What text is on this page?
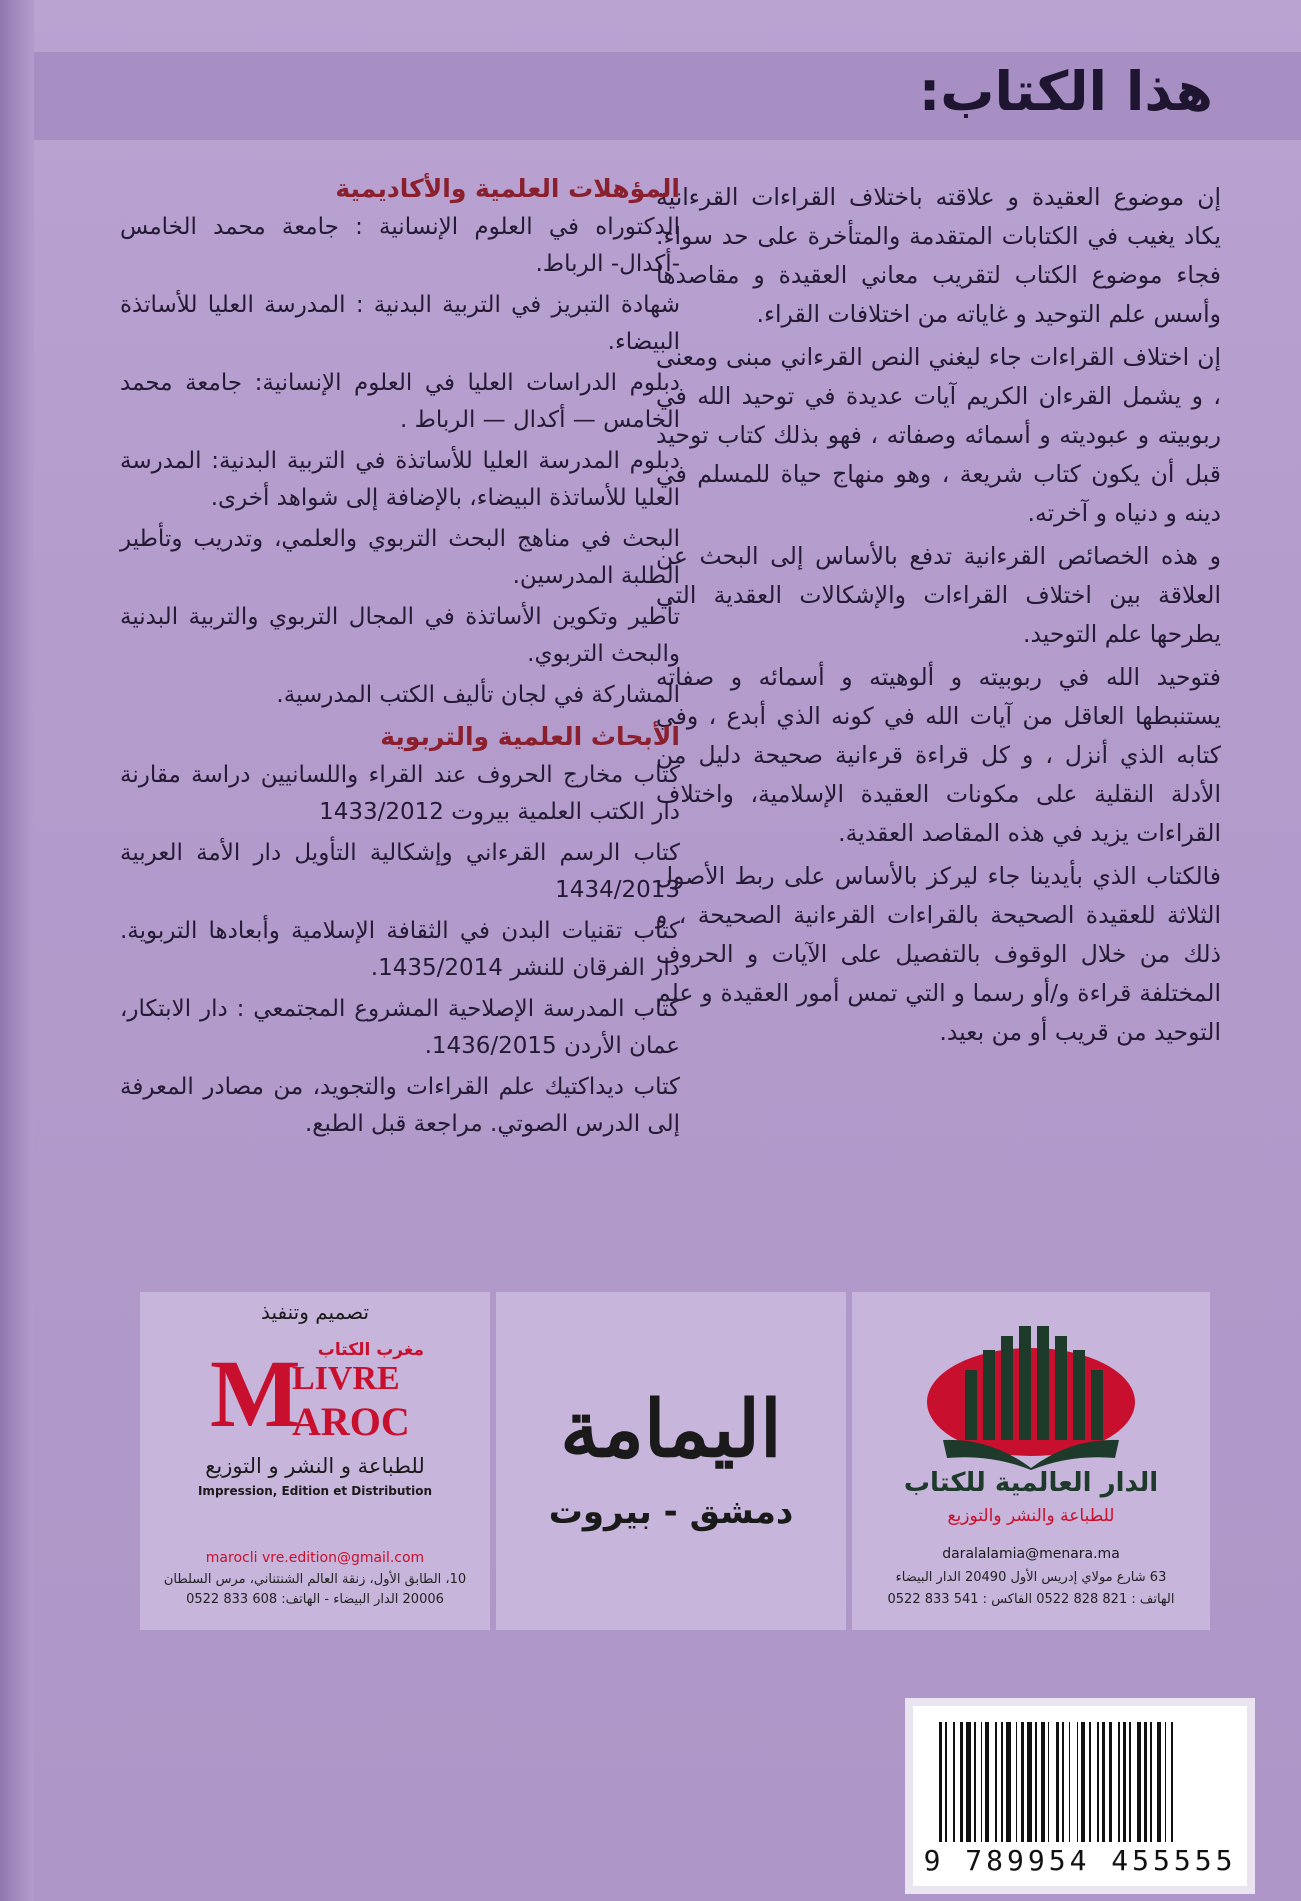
هذا الكتاب:

إن موضوع العقيدة و علاقته باختلاف القراءات القرءانية يكاد يغيب في الكتابات المتقدمة والمتأخرة على حد سواء. فجاء موضوع الكتاب لتقريب معاني العقيدة و مقاصدها وأسس علم التوحيد و غاياته من اختلافات القراء.

إن اختلاف القراءات جاء ليغني النص القرءاني مبنى ومعنى ، و يشمل القرءان الكريم آيات عديدة في توحيد الله في ربوبيته و عبوديته و أسمائه وصفاته ، فهو بذلك كتاب توحيد قبل أن يكون كتاب شريعة ، وهو منهاج حياة للمسلم في دينه و دنياه و آخرته.

و هذه الخصائص القرءانية تدفع بالأساس إلى البحث عن العلاقة بين اختلاف القراءات والإشكالات العقدية التي يطرحها علم التوحيد.

فتوحيد الله في ربوبيته و ألوهيته و أسمائه و صفاته يستنبطها العاقل من آيات الله في كونه الذي أبدع ، وفي كتابه الذي أنزل ، و كل قراءة قرءانية صحيحة دليل من الأدلة النقلية على مكونات العقيدة الإسلامية، واختلاف القراءات يزيد في هذه المقاصد العقدية.

فالكتاب الذي بأيدينا جاء ليركز بالأساس على ربط الأصول الثلاثة للعقيدة الصحيحة بالقراءات القرءانية الصحيحة ، و ذلك من خلال الوقوف بالتفصيل على الآيات و الحروف المختلفة قراءة و/أو رسما و التي تمس أمور العقيدة و علم التوحيد من قريب أو من بعيد.

المؤهلات العلمية والأكاديمية

الدكتوراه في العلوم الإنسانية : جامعة محمد الخامس -أكدال- الرباط.

شهادة التبريز في التربية البدنية : المدرسة العليا للأساتذة البيضاء.

دبلوم الدراسات العليا في العلوم الإنسانية: جامعة محمد الخامس — أكدال — الرباط .

دبلوم المدرسة العليا للأساتذة في التربية البدنية: المدرسة العليا للأساتذة البيضاء، بالإضافة إلى شواهد أخرى.

البحث في مناهج البحث التربوي والعلمي، وتدريب وتأطير الطلبة المدرسين.

تأطير وتكوين الأساتذة في المجال التربوي والتربية البدنية والبحث التربوي.

المشاركة في لجان تأليف الكتب المدرسية.

الأبحاث العلمية والتربوية

كتاب مخارج الحروف عند القراء واللسانيين دراسة مقارنة دار الكتب العلمية بيروت 1433/2012

كتاب الرسم القرءاني وإشكالية التأويل دار الأمة العربية 1434/2013

كتاب تقنيات البدن في الثقافة الإسلامية وأبعادها التربوية. دار الفرقان للنشر 1435/2014.

كتاب المدرسة الإصلاحية المشروع المجتمعي : دار الابتكار، عمان الأردن 1436/2015.

كتاب ديداكتيك علم القراءات والتجويد، من مصادر المعرفة إلى الدرس الصوتي. مراجعة قبل الطبع.

تصميم وتنفيذ
مغرب الكتاب
M
LIVRE
AROC
للطباعة و النشر و التوزيع
Impression, Edition et Distribution
marocli vre.edition@gmail.com
10، الطابق الأول، زنقة العالم الشنتناني، مرس السلطان
20006 الدار البيضاء - الهاتف: 608 833 0522
اليمامة
دمشق - بيروت
الدار العالمية للكتاب
للطباعة والنشر والتوزيع
daralalamia@menara.ma
63 شارع مولاي إدريس الأول 20490 الدار البيضاء
الهاتف : 821 828 0522 الفاكس : 541 833 0522
9 789954 455555
